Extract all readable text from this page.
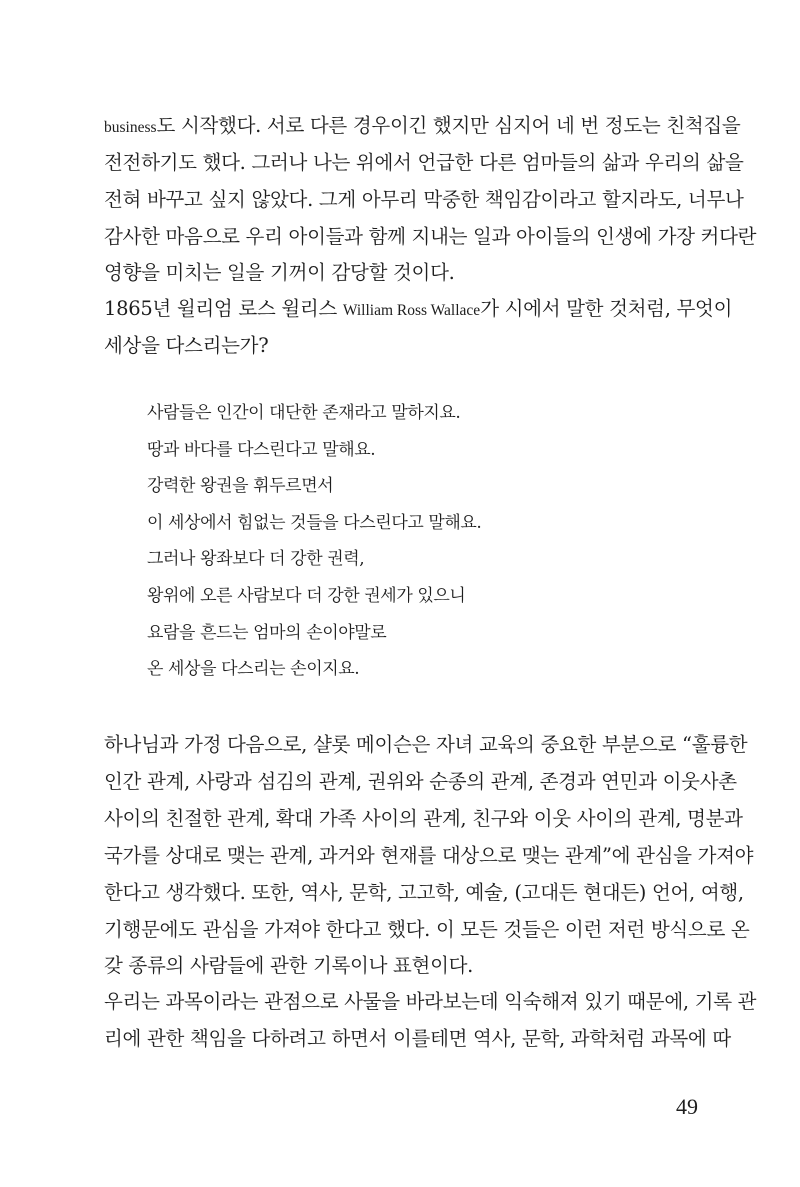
business도 시작했다. 서로 다른 경우이긴 했지만 심지어 네 번 정도는 친척집을
전전하기도 했다. 그러나 나는 위에서 언급한 다른 엄마들의 삶과 우리의 삶을
전혀 바꾸고 싶지 않았다. 그게 아무리 막중한 책임감이라고 할지라도, 너무나
감사한 마음으로 우리 아이들과 함께 지내는 일과 아이들의 인생에 가장 커다란
영향을 미치는 일을 기꺼이 감당할 것이다.
1865년 윌리엄 로스 윌리스 William Ross Wallace가 시에서 말한 것처럼, 무엇이
세상을 다스리는가?
사람들은 인간이 대단한 존재라고 말하지요.
땅과 바다를 다스린다고 말해요.
강력한 왕권을 휘두르면서
이 세상에서 힘없는 것들을 다스린다고 말해요.
그러나 왕좌보다 더 강한 권력,
왕위에 오른 사람보다 더 강한 권세가 있으니
요람을 흔드는 엄마의 손이야말로
온 세상을 다스리는 손이지요.
하나님과 가정 다음으로, 샬롯 메이슨은 자녀 교육의 중요한 부분으로 “훌륭한
인간 관계, 사랑과 섬김의 관계, 권위와 순종의 관계, 존경과 연민과 이웃사촌
사이의 친절한 관계, 확대 가족 사이의 관계, 친구와 이웃 사이의 관계, 명분과
국가를 상대로 맺는 관계, 과거와 현재를 대상으로 맺는 관계”에 관심을 가져야
한다고 생각했다. 또한, 역사, 문학, 고고학, 예술, (고대든 현대든) 언어, 여행,
기행문에도 관심을 가져야 한다고 했다. 이 모든 것들은 이런 저런 방식으로 온
갖 종류의 사람들에 관한 기록이나 표현이다.
우리는 과목이라는 관점으로 사물을 바라보는데 익숙해져 있기 때문에, 기록 관
리에 관한 책임을 다하려고 하면서 이를테면 역사, 문학, 과학처럼 과목에 따
49
